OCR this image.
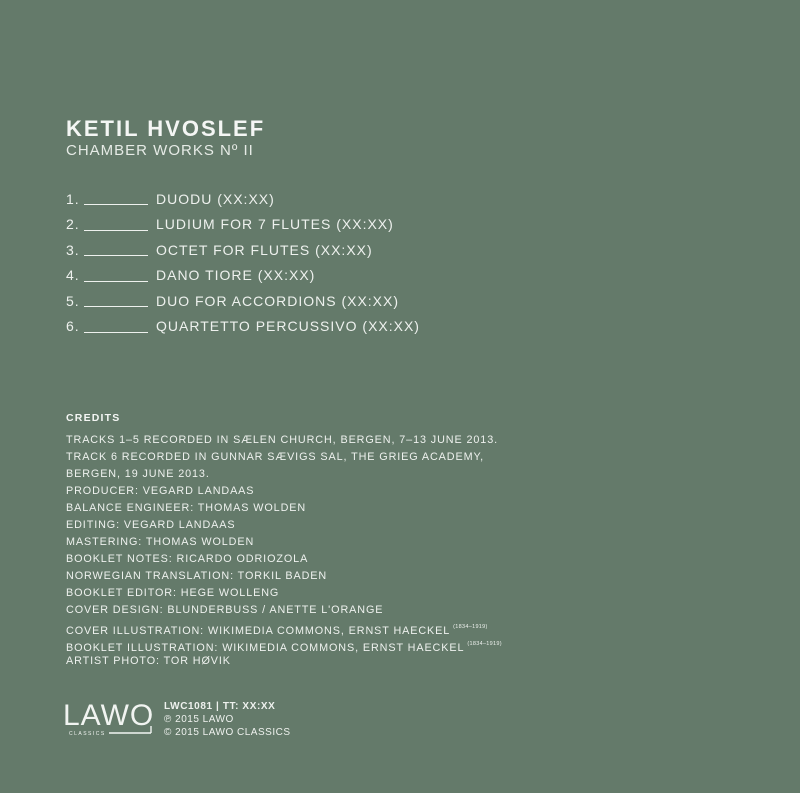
KETIL HVOSLEF
CHAMBER WORKS Nº II
1.	DUODU (XX:XX)
2.	LUDIUM FOR 7 FLUTES (XX:XX)
3.	OCTET FOR FLUTES (XX:XX)
4.	DANO TIORE (XX:XX)
5.	DUO FOR ACCORDIONS (XX:XX)
6.	QUARTETTO PERCUSSIVO (XX:XX)
CREDITS
TRACKS 1–5 RECORDED IN SÆLEN CHURCH, BERGEN, 7–13 JUNE 2013.
TRACK 6 RECORDED IN GUNNAR SÆVIGS SAL, THE GRIEG ACADEMY,
BERGEN, 19 JUNE 2013.
PRODUCER: VEGARD LANDAAS
BALANCE ENGINEER: THOMAS WOLDEN
EDITING: VEGARD LANDAAS
MASTERING: THOMAS WOLDEN
BOOKLET NOTES: RICARDO ODRIOZOLA
NORWEGIAN TRANSLATION: TORKIL BADEN
BOOKLET EDITOR: HEGE WOLLENG
COVER DESIGN: BLUNDERBUSS / ANETTE L'ORANGE
COVER ILLUSTRATION: WIKIMEDIA COMMONS, ERNST HAECKEL $^{(1834-1919)}$
BOOKLET ILLUSTRATION: WIKIMEDIA COMMONS, ERNST HAECKEL $^{(1834-1919)}$
ARTIST PHOTO: TOR HØVIK
LAWO
CLASSICS
LWC1081 | TT: XX:XX
℗ 2015 LAWO
© 2015 LAWO CLASSICS
